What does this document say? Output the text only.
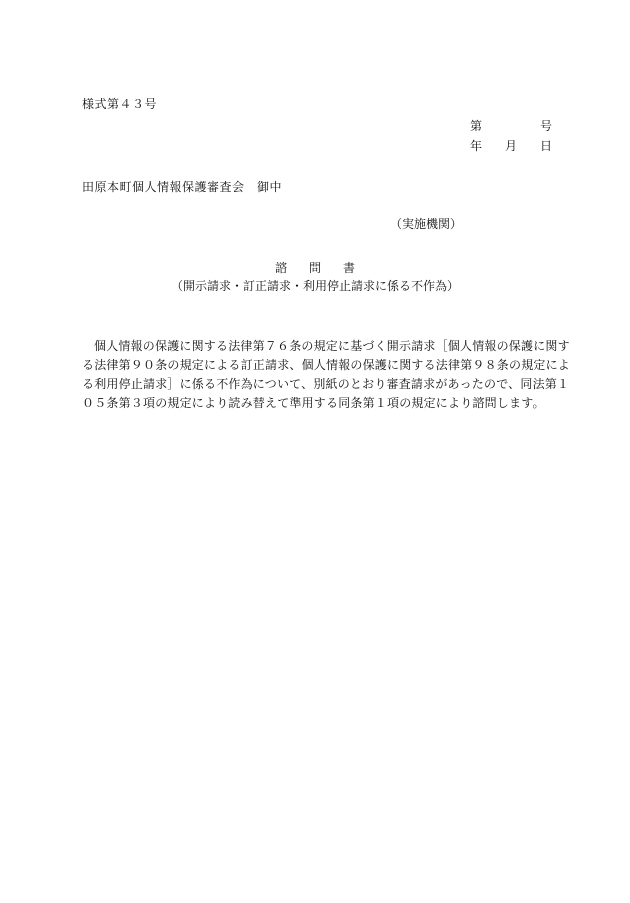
様式第４３号
第	号
年 月 日
田原本町個人情報保護審査会　御中
（実施機関）
諮問書
（開示請求・訂正請求・利用停止請求に係る不作為）
個人情報の保護に関する法律第７６条の規定に基づく開示請求［個人情報の保護に関す
る法律第９０条の規定による訂正請求、個人情報の保護に関する法律第９８条の規定によ
る利用停止請求］に係る不作為について、別紙のとおり審査請求があったので、同法第１
０５条第３項の規定により読み替えて準用する同条第１項の規定により諮問します。
